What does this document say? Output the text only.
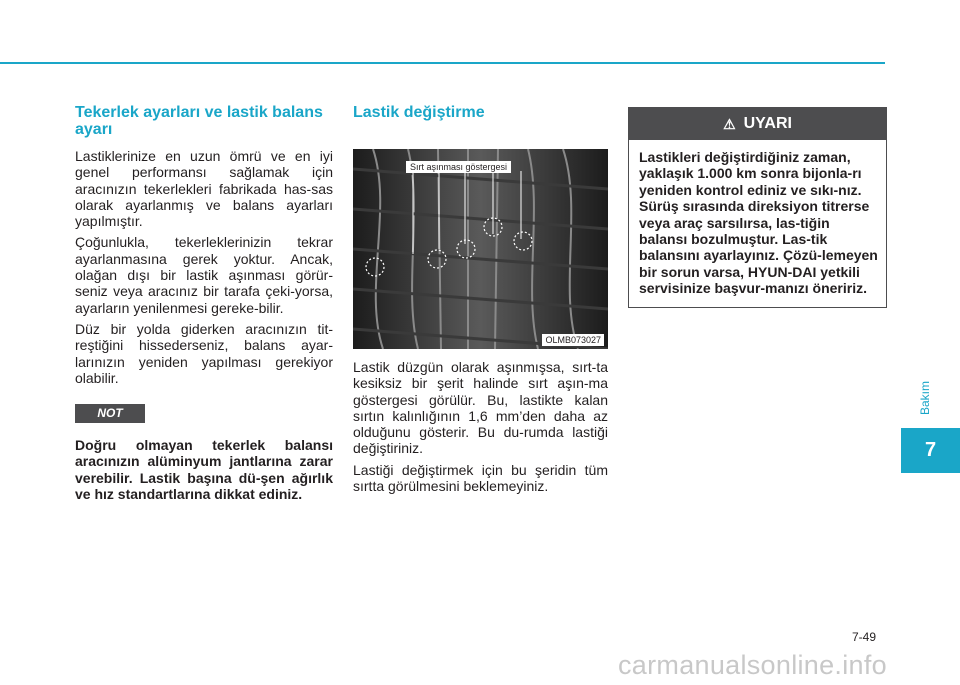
Tekerlek ayarları ve lastik balans ayarı

Lastiklerinize en uzun ömrü ve en iyi genel performansı sağlamak için aracınızın tekerlekleri fabrikada has-sas olarak ayarlanmış ve balans ayarları yapılmıştır.

Çoğunlukla, tekerleklerinizin tekrar ayarlanmasına gerek yoktur. Ancak, olağan dışı bir lastik aşınması görür-seniz veya aracınız bir tarafa çeki-yorsa, ayarların yenilenmesi gereke-bilir.

Düz bir yolda giderken aracınızın tit-reştiğini hissederseniz, balans ayar-larınızın yeniden yapılması gerekiyor olabilir.

NOT

Doğru olmayan tekerlek balansı aracınızın alüminyum jantlarına zarar verebilir. Lastik başına dü-şen ağırlık ve hız standartlarına dikkat ediniz.

Lastik değiştirme
Sırt aşınması göstergesi
OLMB073027

Lastik düzgün olarak aşınmışsa, sırt-ta kesiksiz bir şerit halinde sırt aşın-ma göstergesi görülür. Bu, lastikte kalan sırtın kalınlığının 1,6 mm’den daha az olduğunu gösterir. Bu du-rumda lastiği değiştiriniz.

Lastiği değiştirmek için bu şeridin tüm sırtta görülmesini beklemeyiniz.

⚠ UYARI
Lastikleri değiştirdiğiniz zaman, yaklaşık 1.000 km sonra bijonla-rı yeniden kontrol ediniz ve sıkı-nız. Sürüş sırasında direksiyon titrerse veya araç sarsılırsa, las-tiğin balansı bozulmuştur. Las-tik balansını ayarlayınız. Çözü-lemeyen bir sorun varsa, HYUN-DAI yetkili servisinize başvur-manızı öneririz.
Bakım
7
7-49
carmanualsonline.info
